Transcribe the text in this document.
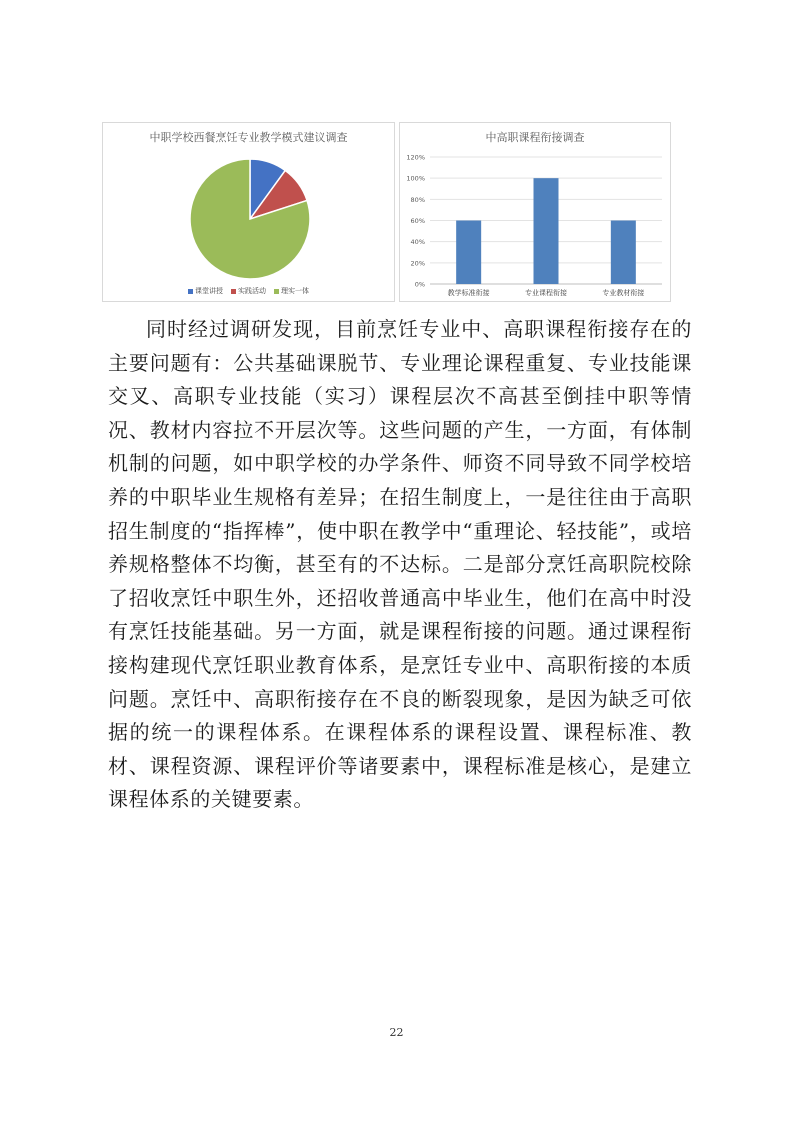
中职学校西餐烹饪专业教学模式建议调查
课堂讲授 实践活动 理实一体
中高职课程衔接调查
0%
20%
40%
60%
80%
100%
120%
教学标准衔接	专业课程衔接	专业教材衔接

同时经过调研发现，目前烹饪专业中、高职课程衔接存在的主要问题有：公共基础课脱节、专业理论课程重复、专业技能课交叉、高职专业技能（实习）课程层次不高甚至倒挂中职等情况、教材内容拉不开层次等。这些问题的产生，一方面，有体制机制的问题，如中职学校的办学条件、师资不同导致不同学校培养的中职毕业生规格有差异；在招生制度上，一是往往由于高职招生制度的“指挥棒”，使中职在教学中“重理论、轻技能”，或培养规格整体不均衡，甚至有的不达标。二是部分烹饪高职院校除了招收烹饪中职生外，还招收普通高中毕业生，他们在高中时没有烹饪技能基础。另一方面，就是课程衔接的问题。通过课程衔接构建现代烹饪职业教育体系，是烹饪专业中、高职衔接的本质问题。烹饪中、高职衔接存在不良的断裂现象，是因为缺乏可依据的统一的课程体系。在课程体系的课程设置、课程标准、教材、课程资源、课程评价等诸要素中，课程标准是核心，是建立课程体系的关键要素。

22
